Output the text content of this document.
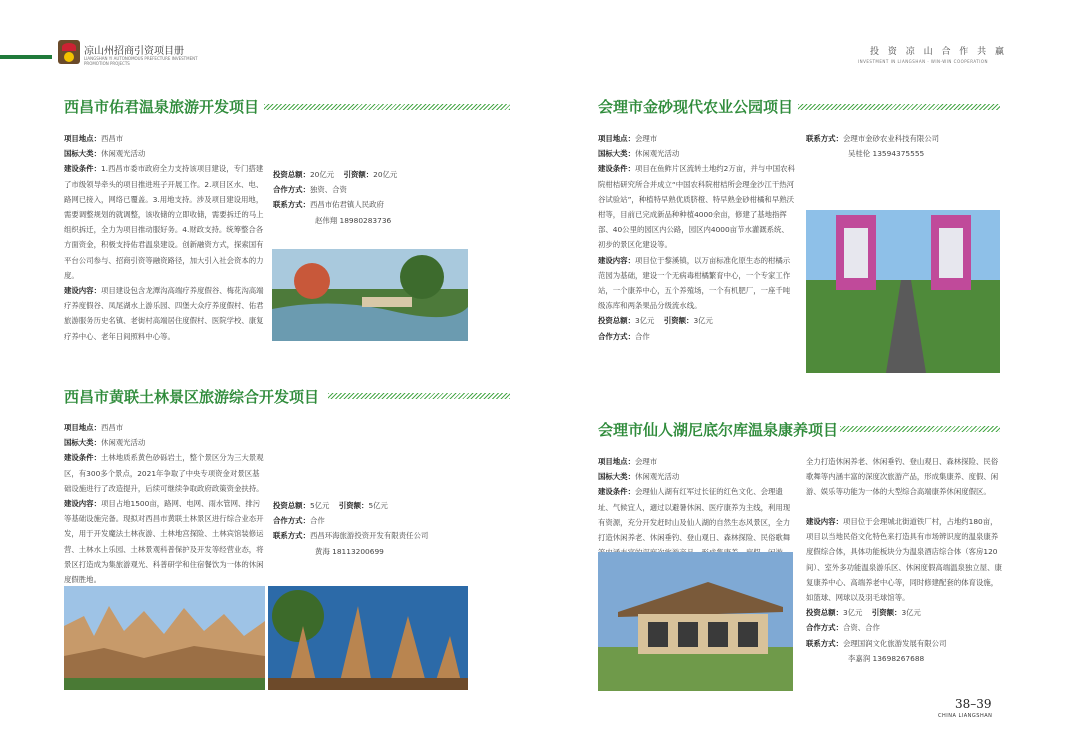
凉山州招商引资项目册
LIANGSHAN YI AUTONOMOUS PREFECTURE INVESTMENT PROMOTION PROJECTS
投 资 凉 山 合 作 共 赢
INVESTMENT IN LIANGSHAN · WIN-WIN COOPERATION
西昌市佑君温泉旅游开发项目
项目地点：西昌市
国标大类：休闲观光活动
建设条件：1.西昌市委市政府全力支持该项目建设，专门搭建了市级领导牵头的项目推进班子开展工作。2.项目区水、电、路网已接入，网络已覆盖。3.用地支持。涉及项目建设用地，需要调整规划的就调整，该收储的立即收储，需要拆迁的马上组织拆迁，全力为项目推动服好务。4.财政支持。统筹整合各方面资金，积极支持佑君温泉建设。创新融资方式，探索国有平台公司参与、招商引资等融资路径，加大引入社会资本的力度。
建设内容：项目建设包含龙潭沟高端疗养度假谷、梅花沟高端疗养度假谷、凤尾湖水上游乐园、四堡大众疗养度假村、佑君旅游服务历史名镇、老街村高端居住度假村、医院学校、康复疗养中心、老年日间照料中心等。
投资总额：20亿元 引资额：20亿元
合作方式：独资、合资
联系方式：西昌市佑君镇人民政府
赵伟翔 18980283736
西昌市黄联土林景区旅游综合开发项目
项目地点：西昌市
国标大类：休闲观光活动
建设条件：土林地质系黄色砂砾岩土，整个景区分为三大景观区，有300多个景点，2021年争取了中央专项资金对景区基础设施进行了改造提升，后续可继续争取政府政策资金扶持。
建设内容：项目占地1500亩，路网、电网、雨水管网、排污等基础设施完备。现拟对西昌市黄联土林景区进行综合业态开发，用于开发魔法土林夜游、土林地宫探险、土林宾馆装修运营、土林水上乐园、土林景观科普保护及开发等经营业态，将景区打造成为集旅游观光、科普研学和住宿餐饮为一体的休闲度假胜地。
投资总额：5亿元 引资额：5亿元
合作方式：合作
联系方式：西昌环海旅游投资开发有限责任公司
黄海 18113200699
会理市金砂现代农业公园项目
项目地点：会理市
国标大类：休闲观光活动
建设条件：项目在鱼鲊片区流转土地约2万亩，并与中国农科院柑桔研究所合并成立“中国农科院柑桔所会理金沙江干热河谷试验站”，种植特早熟优质脐橙、特早熟金砂柑橘和早熟沃柑等，目前已完成新品种种植4000余亩，修建了基地指挥部、40公里的园区内公路，园区内4000亩节水灌溉系统、初步的景区化建设等。
建设内容：项目位于黎溪镇，以万亩标准化原生态的柑橘示范园为基础，建设一个无病毒柑橘繁育中心，一个专家工作站，一个康养中心，五个养殖场，一个有机肥厂，一座千吨级冻库和两条果品分级流水线。
投资总额：3亿元 引资额：3亿元
合作方式：合作
联系方式：会理市金砂农业科技有限公司
吴桂伦 13594375555
会理市仙人湖尼底尔库温泉康养项目
项目地点：会理市
国标大类：休闲观光活动
建设条件：会理仙人湖有红军过长征的红色文化、会理遗址、气候宜人，適过以避暑休闲、医疗康养为主线，利用现有资源，充分开发赶时山及仙人湖的自然生态风景区，全力打造休闲养老、休闲垂钓、登山观日、森林探险、民俗歌舞
全力打造休闲养老、休闲垂钓、登山观日、森林探险、民俗歌舞等内涵丰富的深度次旅游产品，形成集康养、度假、闲游、娱乐等功能为一体的大型综合高端康养休闲度假区。
建设内容：项目位于会理城北街道铁厂村，占地约180亩，项目以当地民俗文化特色来打造具有市场辨识度的温泉康养度假综合体，具体功能板块分为温泉酒店综合体（客房120间）、室外多功能温泉游乐区、休闲度假高端温泉独立屋、康复康养中心、高端养老中心等，同时修建配套的体育设施，如篮球、网球以及羽毛球馆等。
投资总额：3亿元 引资额：3亿元
合作方式：合资、合作
联系方式：会理国润文化旅游发展有限公司
李嘉润 13698267688
38–39
CHINA LIANGSHAN
